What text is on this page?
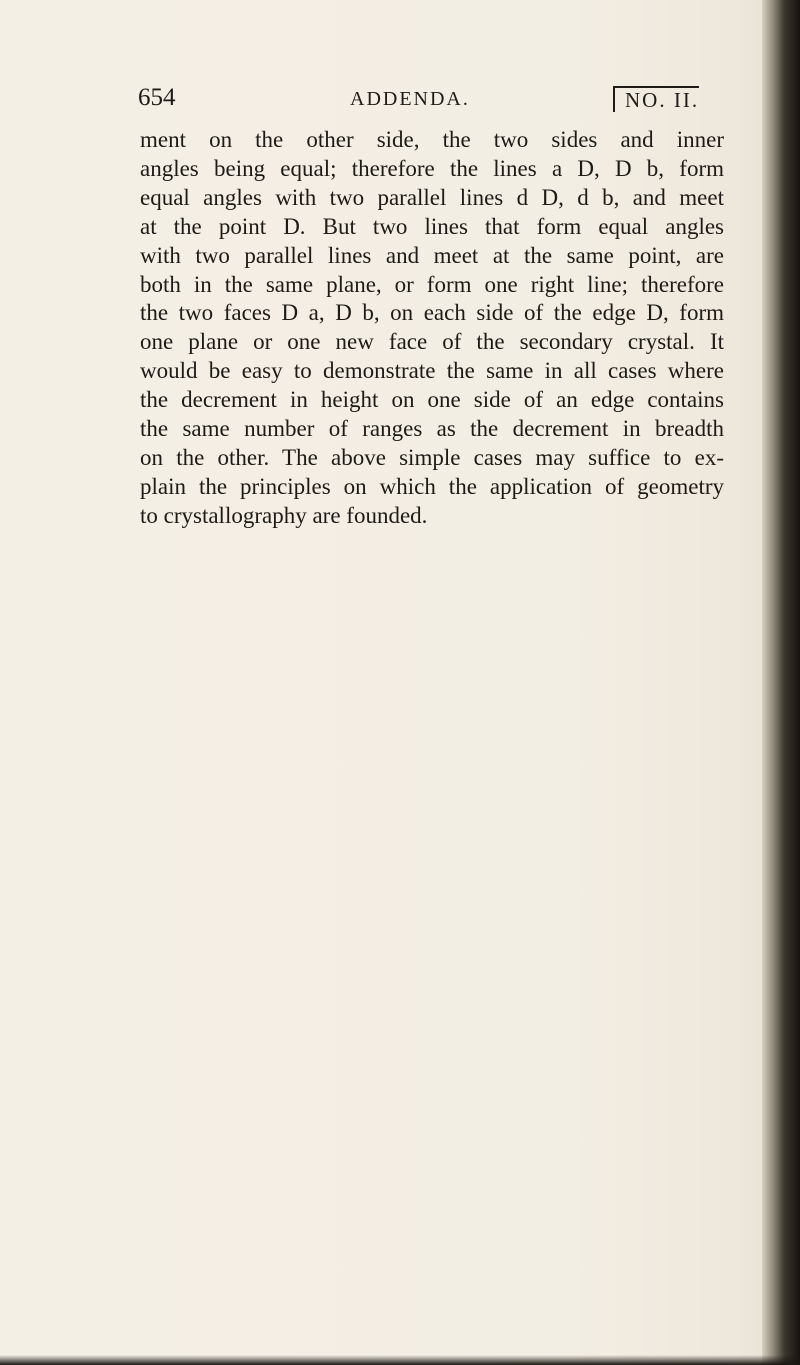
654	ADDENDA.	NO. II.
ment on the other side, the two sides and inner
angles being equal; therefore the lines a D, D b, form
equal angles with two parallel lines d D, d b, and meet
at the point D. But two lines that form equal angles
with two parallel lines and meet at the same point, are
both in the same plane, or form one right line; therefore
the two faces D a, D b, on each side of the edge D, form
one plane or one new face of the secondary crystal. It
would be easy to demonstrate the same in all cases where
the decrement in height on one side of an edge contains
the same number of ranges as the decrement in breadth
on the other. The above simple cases may suffice to ex-
plain the principles on which the application of geometry
to crystallography are founded.
